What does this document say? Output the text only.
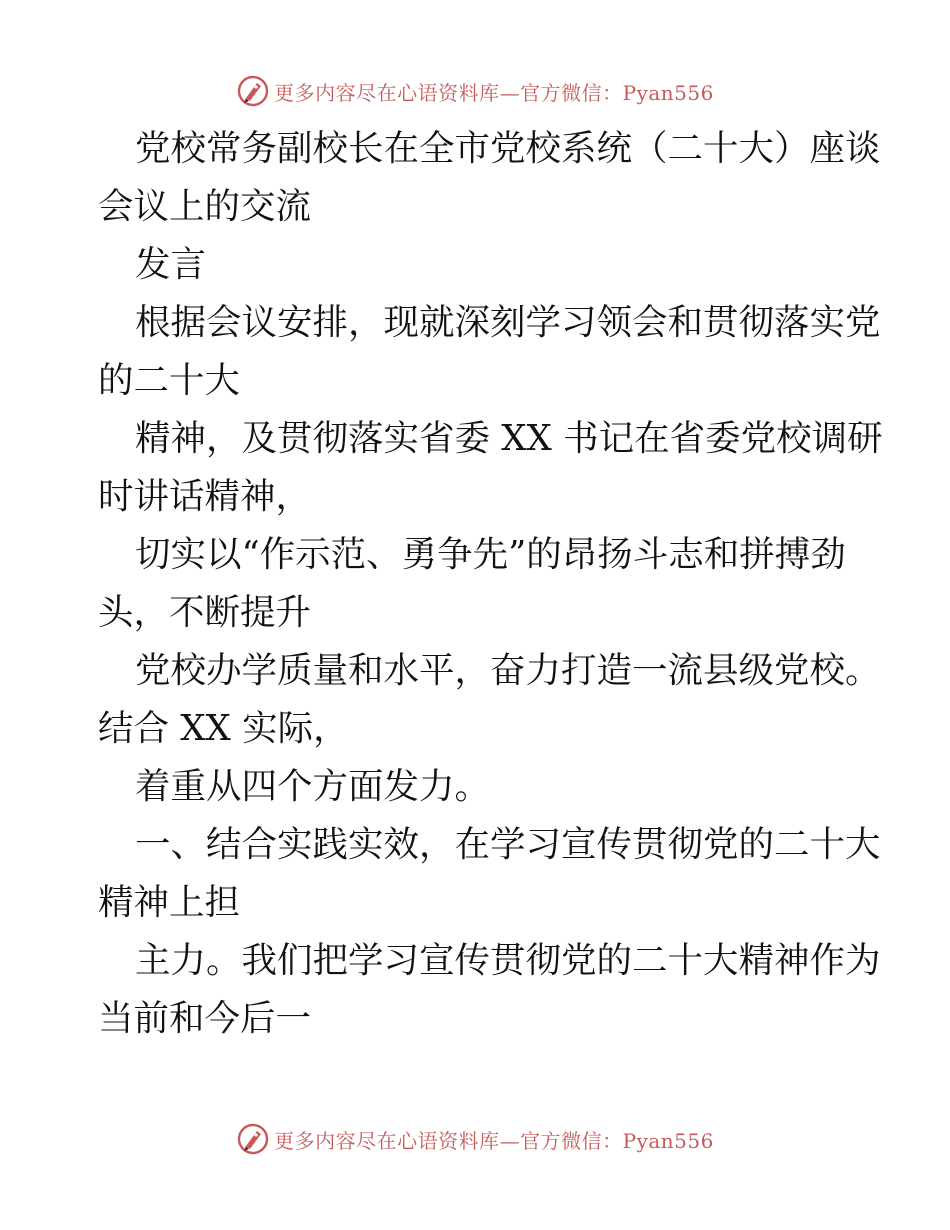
更多内容尽在心语资料库—官方微信：Pyan556
党校常务副校长在全市党校系统（二十大）座谈
会议上的交流
发言
根据会议安排，现就深刻学习领会和贯彻落实党
的二十大
精神，及贯彻落实省委 XX 书记在省委党校调研
时讲话精神，
切实以“作示范、勇争先”的昂扬斗志和拼搏劲
头，不断提升
党校办学质量和水平，奋力打造一流县级党校。
结合 XX 实际，
着重从四个方面发力。
一、结合实践实效，在学习宣传贯彻党的二十大
精神上担
主力。我们把学习宣传贯彻党的二十大精神作为
当前和今后一
更多内容尽在心语资料库—官方微信：Pyan556
